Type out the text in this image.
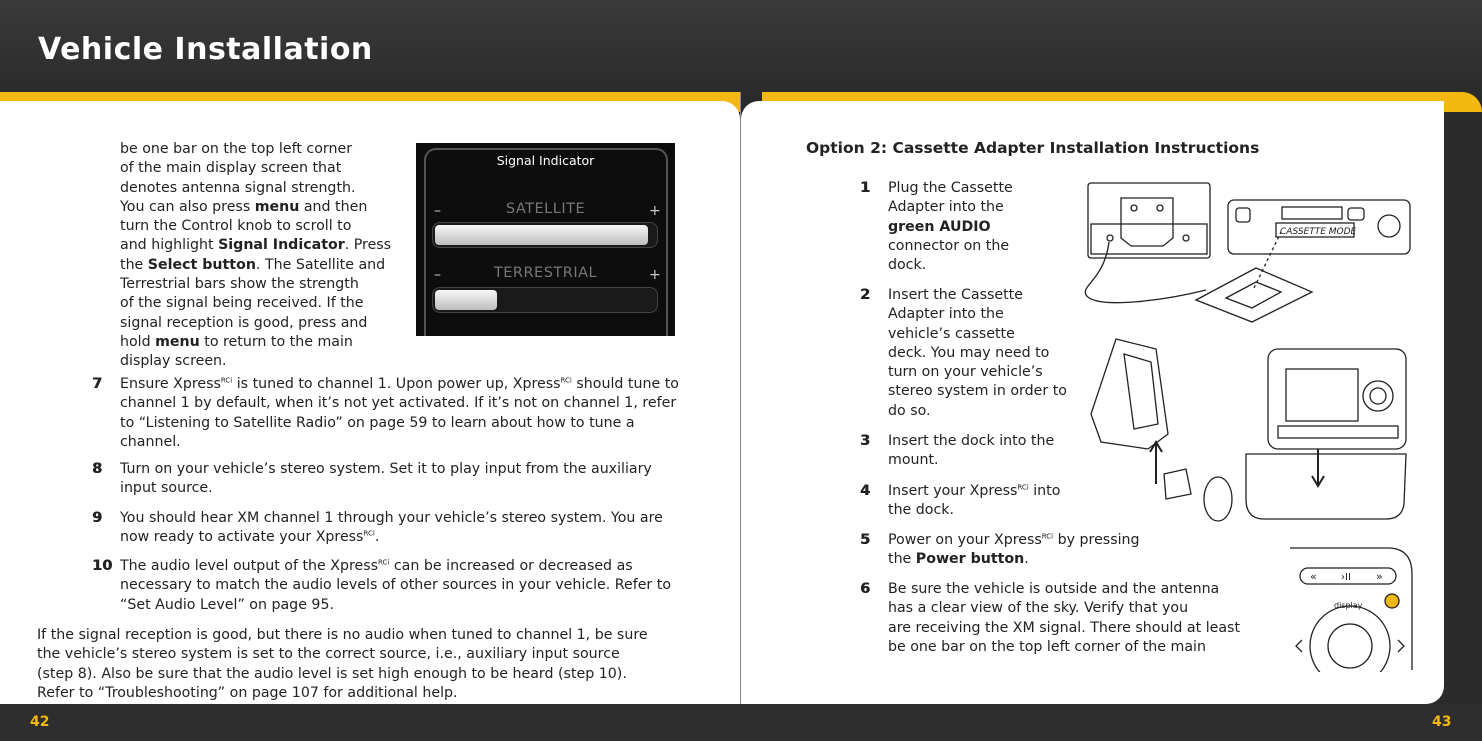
Vehicle Installation
42	43
be one bar on the top left corner
of the main display screen that
denotes antenna signal strength.
You can also press menu and then
turn the Control knob to scroll to
and highlight Signal Indicator. Press
the Select button. The Satellite and
Terrestrial bars show the strength
of the signal being received. If the
signal reception is good, press and
hold menu to return to the main
display screen.
Signal Indicator
–	SATELLITE	+
–	TERRESTRIAL	+
7	Ensure Xpress$^{RCi}$ is tuned to channel 1. Upon power up, Xpress$^{RCi}$ should tune to channel 1 by default, when it’s not yet activated. If it’s not on channel 1, refer to “Listening to Satellite Radio” on page 59 to learn about how to tune a channel.
8	Turn on your vehicle’s stereo system. Set it to play input from the auxiliary input source.
9	You should hear XM channel 1 through your vehicle’s stereo system. You are now ready to activate your Xpress$^{RCi}$.
10 The audio level output of the Xpress$^{RCi}$ can be increased or decreased as necessary to match the audio levels of other sources in your vehicle. Refer to “Set Audio Level” on page 95.
If the signal reception is good, but there is no audio when tuned to channel 1, be sure the vehicle’s stereo system is set to the correct source, i.e., auxiliary input source (step 8). Also be sure that the audio level is set high enough to be heard (step 10). Refer to “Troubleshooting” on page 107 for additional help.
Option 2: Cassette Adapter Installation Instructions
1	Plug the Cassette
Adapter into the
green AUDIO
connector on the
dock.
2	Insert the Cassette
Adapter into the
vehicle’s cassette
deck. You may need to
turn on your vehicle’s
stereo system in order to
do so.
3	Insert the dock into the
mount.
4	Insert your Xpress$^{RCi}$ into
the dock.
5	Power on your Xpress$^{RCi}$ by pressing
the Power button.
6	Be sure the vehicle is outside and the antenna
has a clear view of the sky. Verify that you
are receiving the XM signal. There should at least
be one bar on the top left corner of the main
CASSETTE MODE
« ›II »
display
